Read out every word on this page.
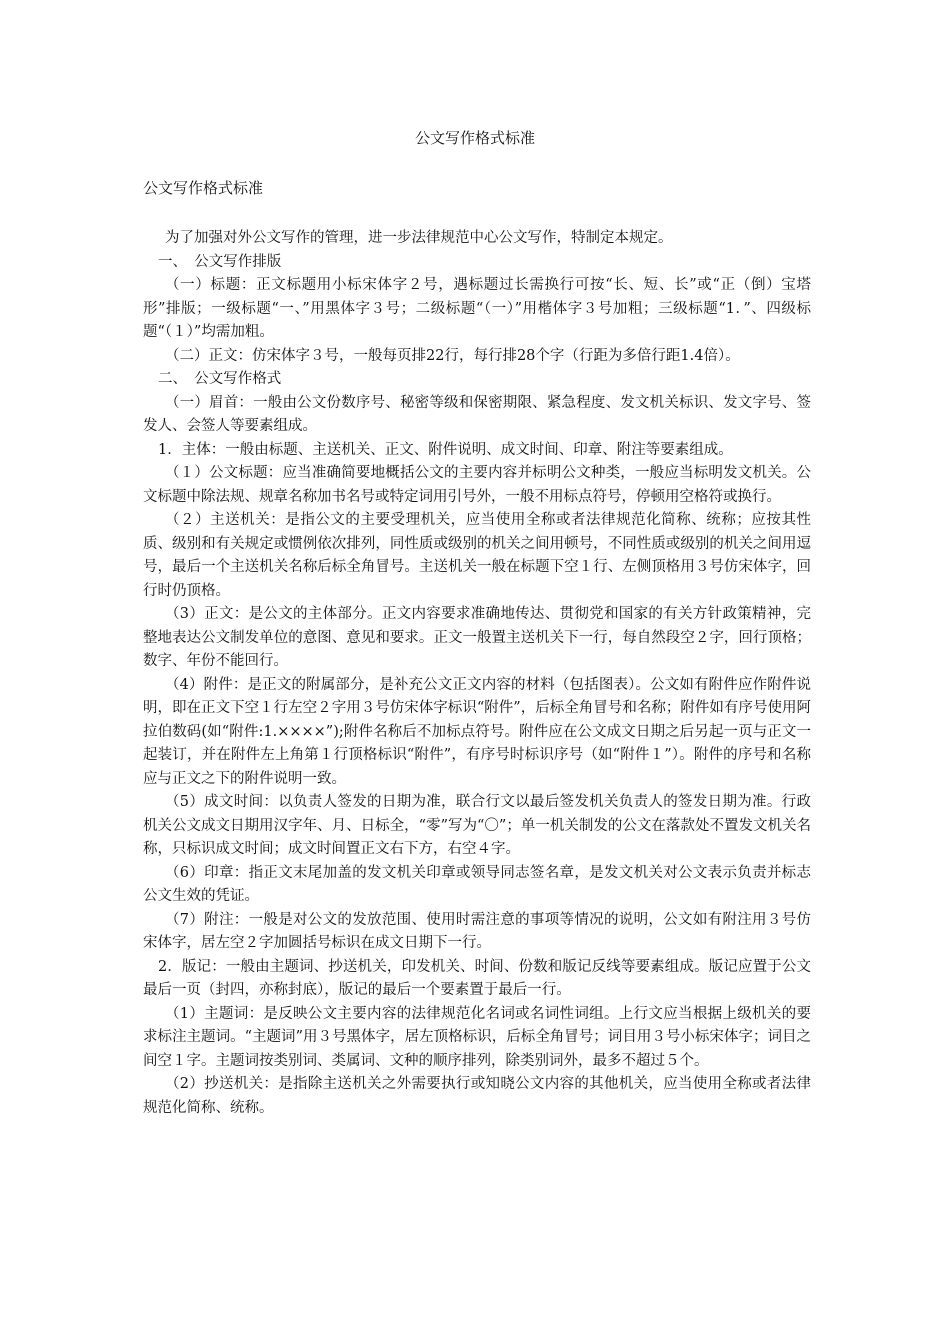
公文写作格式标准
公文写作格式标准

为了加强对外公文写作的管理，进一步法律规范中心公文写作，特制定本规定。

一、　公文写作排版

（一）标题：正文标题用小标宋体字２号，遇标题过长需换行可按“长、短、长”或“正（倒）宝塔形”排版；一级标题“一、”用黑体字３号；二级标题“（一）”用楷体字３号加粗；三级标题“1．”、四级标题“（１）”均需加粗。

（二）正文：仿宋体字３号，一般每页排22行，每行排28个字（行距为多倍行距1.4倍）。

二、　公文写作格式

（一）眉首：一般由公文份数序号、秘密等级和保密期限、紧急程度、发文机关标识、发文字号、签发人、会签人等要素组成。

1．主体：一般由标题、主送机关、正文、附件说明、成文时间、印章、附注等要素组成。

（１）公文标题：应当准确简要地概括公文的主要内容并标明公文种类，一般应当标明发文机关。公文标题中除法规、规章名称加书名号或特定词用引号外，一般不用标点符号，停顿用空格符或换行。

（２）主送机关：是指公文的主要受理机关，应当使用全称或者法律规范化简称、统称；应按其性质、级别和有关规定或惯例依次排列，同性质或级别的机关之间用顿号，不同性质或级别的机关之间用逗号，最后一个主送机关名称后标全角冒号。主送机关一般在标题下空１行、左侧顶格用３号仿宋体字，回行时仍顶格。

（3）正文：是公文的主体部分。正文内容要求准确地传达、贯彻党和国家的有关方针政策精神，完整地表达公文制发单位的意图、意见和要求。正文一般置主送机关下一行，每自然段空２字，回行顶格；数字、年份不能回行。

（4）附件：是正文的附属部分，是补充公文正文内容的材料（包括图表）。公文如有附件应作附件说明，即在正文下空１行左空２字用３号仿宋体字标识“附件”，后标全角冒号和名称；附件如有序号使用阿拉伯数码(如“附件:1.××××”);附件名称后不加标点符号。附件应在公文成文日期之后另起一页与正文一起装订，并在附件左上角第１行顶格标识“附件”，有序号时标识序号（如“附件１”）。附件的序号和名称应与正文之下的附件说明一致。

（5）成文时间：以负责人签发的日期为准，联合行文以最后签发机关负责人的签发日期为准。行政机关公文成文日期用汉字年、月、日标全，“零”写为“〇”；单一机关制发的公文在落款处不置发文机关名称，只标识成文时间；成文时间置正文右下方，右空４字。

（6）印章：指正文末尾加盖的发文机关印章或领导同志签名章，是发文机关对公文表示负责并标志公文生效的凭证。

（7）附注：一般是对公文的发放范围、使用时需注意的事项等情况的说明，公文如有附注用３号仿宋体字，居左空２字加圆括号标识在成文日期下一行。

2．版记：一般由主题词、抄送机关，印发机关、时间、份数和版记反线等要素组成。版记应置于公文最后一页（封四，亦称封底），版记的最后一个要素置于最后一行。

（1）主题词：是反映公文主要内容的法律规范化名词或名词性词组。上行文应当根据上级机关的要求标注主题词。“主题词”用３号黑体字，居左顶格标识，后标全角冒号；词目用３号小标宋体字；词目之间空１字。主题词按类别词、类属词、文种的顺序排列，除类别词外，最多不超过５个。

（2）抄送机关：是指除主送机关之外需要执行或知晓公文内容的其他机关，应当使用全称或者法律规范化简称、统称。
